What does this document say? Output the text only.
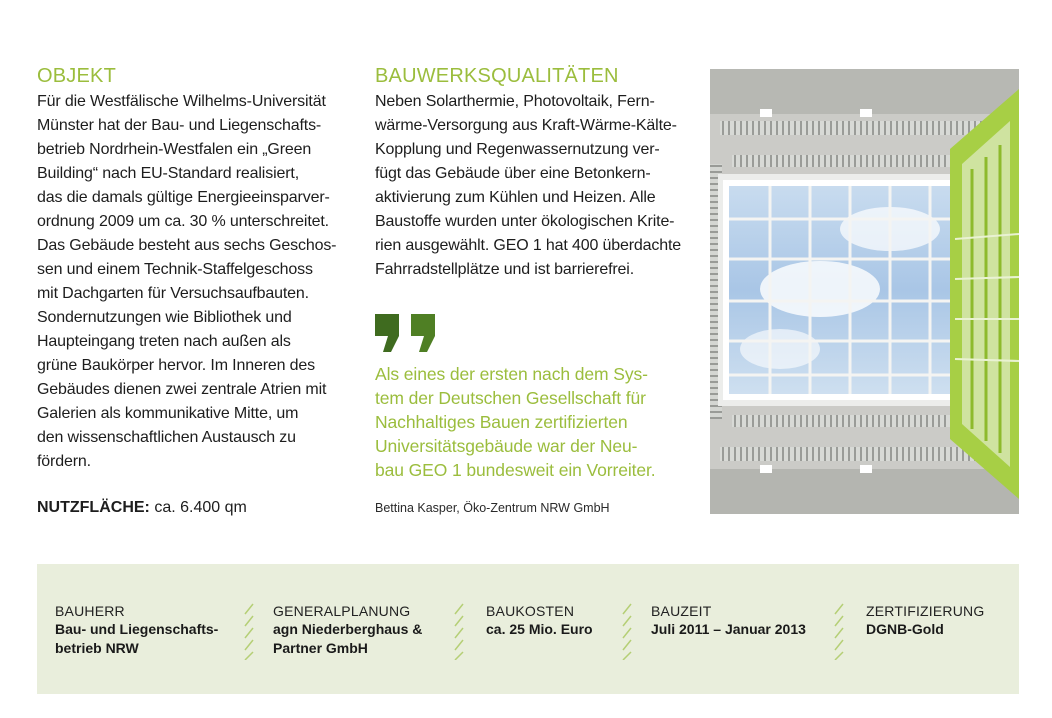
OBJEKT

Für die Westfälische Wilhelms-Universität
Münster hat der Bau- und Liegenschafts-
betrieb Nordrhein-Westfalen ein „Green
Building“ nach EU-Standard realisiert,
das die damals gültige Energieeinsparver-
ordnung 2009 um ca. 30 % unterschreitet.
Das Gebäude besteht aus sechs Geschos-
sen und einem Technik-Staffelgeschoss
mit Dachgarten für Versuchsaufbauten.
Sondernutzungen wie Bibliothek und
Haupteingang treten nach außen als
grüne Baukörper hervor. Im Inneren des
Gebäudes dienen zwei zentrale Atrien mit
Galerien als kommunikative Mitte, um
den wissenschaftlichen Austausch zu
fördern.

NUTZFLÄCHE: ca. 6.400 qm
BAUWERKSQUALITÄTEN

Neben Solarthermie, Photovoltaik, Fern-
wärme-Versorgung aus Kraft-Wärme-Kälte-
Kopplung und Regenwassernutzung ver-
fügt das Gebäude über eine Betonkern-
aktivierung zum Kühlen und Heizen. Alle
Baustoffe wurden unter ökologischen Krite-
rien ausgewählt. GEO 1 hat 400 überdachte
Fahrradstellplätze und ist barrierefrei.

Als eines der ersten nach dem Sys-
tem der Deutschen Gesellschaft für
Nachhaltiges Bauen zertifizierten
Universitätsgebäude war der Neu-
bau GEO 1 bundesweit ein Vorreiter.
Bettina Kasper, Öko-Zentrum NRW GmbH
BAUHERR
Bau- und Liegenschafts-
betrieb NRW
GENERALPLANUNG
agn Niederberghaus &
Partner GmbH
BAUKOSTEN
ca. 25 Mio. Euro
BAUZEIT
Juli 2011 – Januar 2013
ZERTIFIZIERUNG
DGNB-Gold
